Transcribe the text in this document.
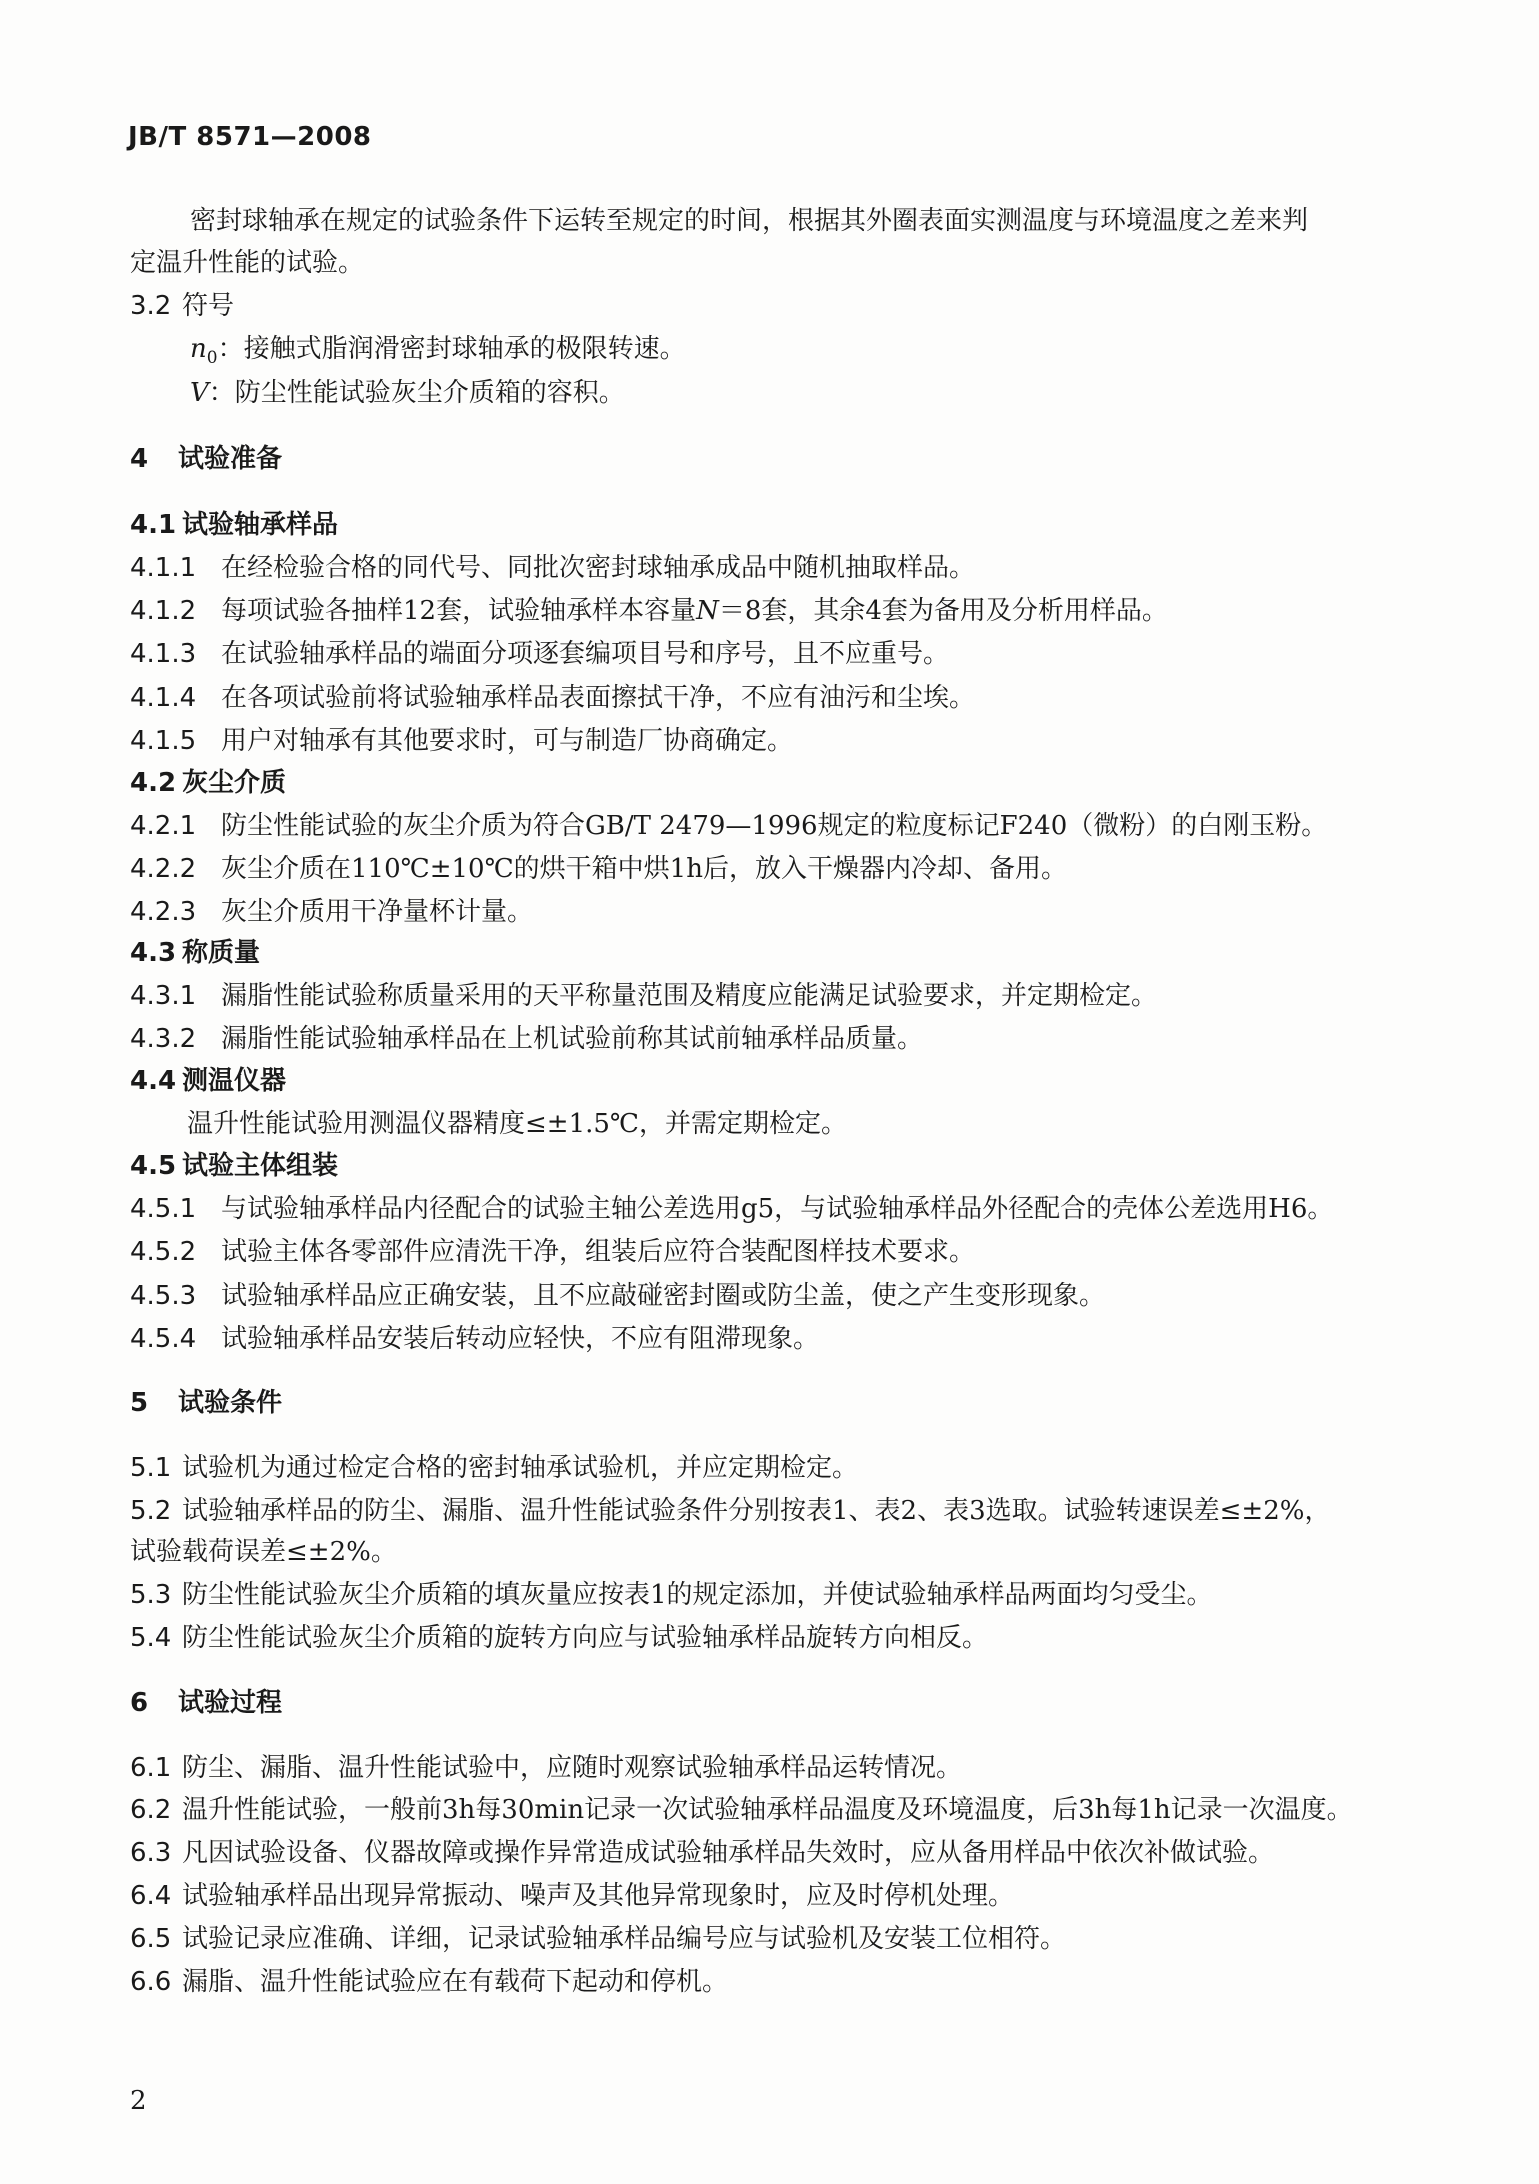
JB/T 8571—2008
密封球轴承在规定的试验条件下运转至规定的时间，根据其外圈表面实测温度与环境温度之差来判
定温升性能的试验。
3.2 符号
$n_0$：接触式脂润滑密封球轴承的极限转速。
V：防尘性能试验灰尘介质箱的容积。
4 试验准备
4.1 试验轴承样品
4.1.1 在经检验合格的同代号、同批次密封球轴承成品中随机抽取样品。
4.1.2 每项试验各抽样12套，试验轴承样本容量N＝8套，其余4套为备用及分析用样品。
4.1.3 在试验轴承样品的端面分项逐套编项目号和序号，且不应重号。
4.1.4 在各项试验前将试验轴承样品表面擦拭干净，不应有油污和尘埃。
4.1.5 用户对轴承有其他要求时，可与制造厂协商确定。
4.2 灰尘介质
4.2.1 防尘性能试验的灰尘介质为符合GB/T 2479—1996规定的粒度标记F240（微粉）的白刚玉粉。
4.2.2 灰尘介质在110℃±10℃的烘干箱中烘1h后，放入干燥器内冷却、备用。
4.2.3 灰尘介质用干净量杯计量。
4.3 称质量
4.3.1 漏脂性能试验称质量采用的天平称量范围及精度应能满足试验要求，并定期检定。
4.3.2 漏脂性能试验轴承样品在上机试验前称其试前轴承样品质量。
4.4 测温仪器
温升性能试验用测温仪器精度≤±1.5℃，并需定期检定。
4.5 试验主体组装
4.5.1 与试验轴承样品内径配合的试验主轴公差选用g5，与试验轴承样品外径配合的壳体公差选用H6。
4.5.2 试验主体各零部件应清洗干净，组装后应符合装配图样技术要求。
4.5.3 试验轴承样品应正确安装，且不应敲碰密封圈或防尘盖，使之产生变形现象。
4.5.4 试验轴承样品安装后转动应轻快，不应有阻滞现象。
5 试验条件
5.1 试验机为通过检定合格的密封轴承试验机，并应定期检定。
5.2 试验轴承样品的防尘、漏脂、温升性能试验条件分别按表1、表2、表3选取。试验转速误差≤±2%，
试验载荷误差≤±2%。
5.3 防尘性能试验灰尘介质箱的填灰量应按表1的规定添加，并使试验轴承样品两面均匀受尘。
5.4 防尘性能试验灰尘介质箱的旋转方向应与试验轴承样品旋转方向相反。
6 试验过程
6.1 防尘、漏脂、温升性能试验中，应随时观察试验轴承样品运转情况。
6.2 温升性能试验，一般前3h每30min记录一次试验轴承样品温度及环境温度，后3h每1h记录一次温度。
6.3 凡因试验设备、仪器故障或操作异常造成试验轴承样品失效时，应从备用样品中依次补做试验。
6.4 试验轴承样品出现异常振动、噪声及其他异常现象时，应及时停机处理。
6.5 试验记录应准确、详细，记录试验轴承样品编号应与试验机及安装工位相符。
6.6 漏脂、温升性能试验应在有载荷下起动和停机。
2
